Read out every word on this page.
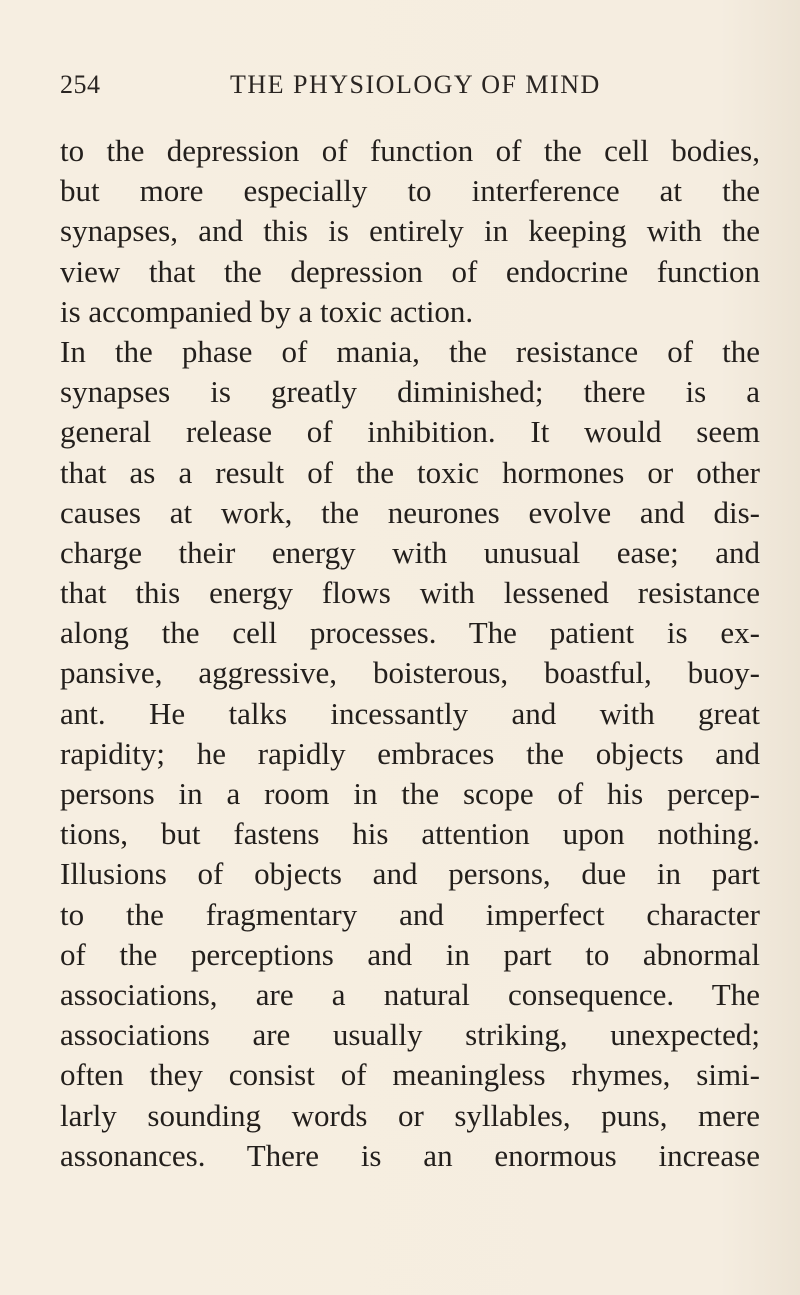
254	THE PHYSIOLOGY OF MIND
to the depression of function of the cell bodies,
but more especially to interference at the
synapses, and this is entirely in keeping with the
view that the depression of endocrine function
is accompanied by a toxic action.
In the phase of mania, the resistance of the
synapses is greatly diminished; there is a
general release of inhibition. It would seem
that as a result of the toxic hormones or other
causes at work, the neurones evolve and dis-
charge their energy with unusual ease; and
that this energy flows with lessened resistance
along the cell processes. The patient is ex-
pansive, aggressive, boisterous, boastful, buoy-
ant. He talks incessantly and with great
rapidity; he rapidly embraces the objects and
persons in a room in the scope of his percep-
tions, but fastens his attention upon nothing.
Illusions of objects and persons, due in part
to the fragmentary and imperfect character
of the perceptions and in part to abnormal
associations, are a natural consequence. The
associations are usually striking, unexpected;
often they consist of meaningless rhymes, simi-
larly sounding words or syllables, puns, mere
assonances. There is an enormous increase
